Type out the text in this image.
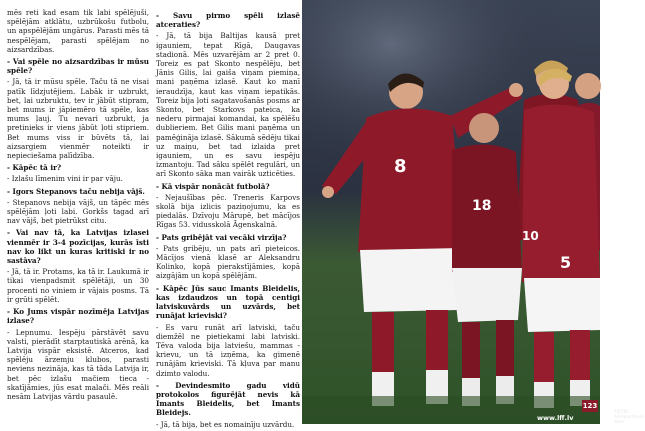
mēs reti kad esam tik labi spēlējuši, spēlējām atklātu, uzbrūkošu futbolu, un apspēlējām ungārus. Parasti mēs tā nespēlējam, parasti spēlējam no aizsardzības.

- Vai spēle no aizsardzības ir mūsu spēle?

- Jā, tā ir mūsu spēle. Taču tā ne visai patīk līdzjutējiem. Labāk ir uzbrukt, bet, lai uzbruktu, tev ir jābūt stipram, bet mums ir jāpiemēro tā spēle, kas mums ļauj. Tu nevari uzbrukt, ja pretinieks ir viens jābūt ļoti stipriem. Bet mums viss ir būvēts tā, lai aizsargiem vienmēr noteikti ir nepieciešama palīdzība.

- Kāpēc tā ir?

- Izlašu līmenim vini ir par vāju.

- Igors Stepanovs taču nebija vājš.

- Stepanovs nebija vājš, un tāpēc mēs spēlējām ļoti labi. Gorkšs tagad arī nav vājš, bet pietrūkst citu.

- Vai nav tā, ka Latvijas izlasei vienmēr ir 3-4 pozīcijas, kurās īsti nav ko likt un kuras kritiski ir no sastāva?

- Jā, tā ir. Protams, ka tā ir. Laukumā ir tikai vienpadsmit spēlētāji, un 30 procenti no viniem ir vājais posms. Tā ir grūti spēlēt.

- Ko Jums vispār nozīmēja Latvijas izlase?

- Lepnumu. Iespēju pārstāvēt savu valsti, pierādīt starptautiskā arēnā, ka Latvija vispār eksistē. Atceros, kad spēlēju ārzemju klubos, parasti neviens nezināja, kas tā tāda Latvija ir, bet pēc izlašu mačiem tieca - skatījāmies, jūs esat malači. Mēs reāli nesām Latvijas vārdu pasaulē.

- Savu pirmo spēli izlasē atceraties?

- Jā, tā bija Baltijas kausā pret igauniem, tepat Rīgā, Daugavas stadionā. Mēs uzvarējām ar 2 pret 0. Toreiz es pat Skonto nespēlēju, bet Jānis Gilis, lai gaiša viņam piemiņa, mani paņēma izlasē. Kaut ko manī ieraudzīja, kaut kas viņam iepatikās. Toreiz bija ļoti sagatavošanās posms ar Skonto, bet Starkovs pateica, ka nederu pirmajai komandai, ka spēlēšu dublieriem. Bet Gilis mani paņēma un pamēģināja izlasē. Sākumā sēdēju tikai uz maiņu, bet tad izlaida pret igauniem, un es savu iespēju izmantoju. Tad sāku spēlēt regulāri, un arī Skonto sāka man vairāk uzticēties.

- Kā vispār nonācāt futbolā?

- Nejaušības pēc. Treneris Karpovs skolā bija izlicis paziņojumu, ka es piedalās. Dzīvoju Mārupē, bet mācījos Rīgas 53. vidusskolā Āgenskalnā.

- Pats gribējāt vai vecāki virzīja?

- Pats gribēju, un pats arī pieteicos. Mācījos vienā klasē ar Aleksandru Kolinko, kopā pierakstījāmies, kopā aizgājām un kopā spēlējām.

- Kāpēc Jūs sauc Imants Bleidelis, kas izdaudzos un topā centigi latviskuvārds un uzvārds, bet runājat krieviski?

- Es varu runāt arī latviski, taču diemžēl ne pietiekami labi latviski. Tēva valoda bija latviešu, mammas - krievu, un tā izņēma, ka gimenē runājām krieviski. Tā kļuva par manu dzimto valodu.

- Devindesmito gadu vidū protokolos figurējāt nevis kā Imants Bleidelis, bet Imants Bleidejs.

- Jā, tā bija, bet es nomainīju uzvārdu.

8
18
5
10
FOTO: AFI/partners Tele
123
www.lff.lv
